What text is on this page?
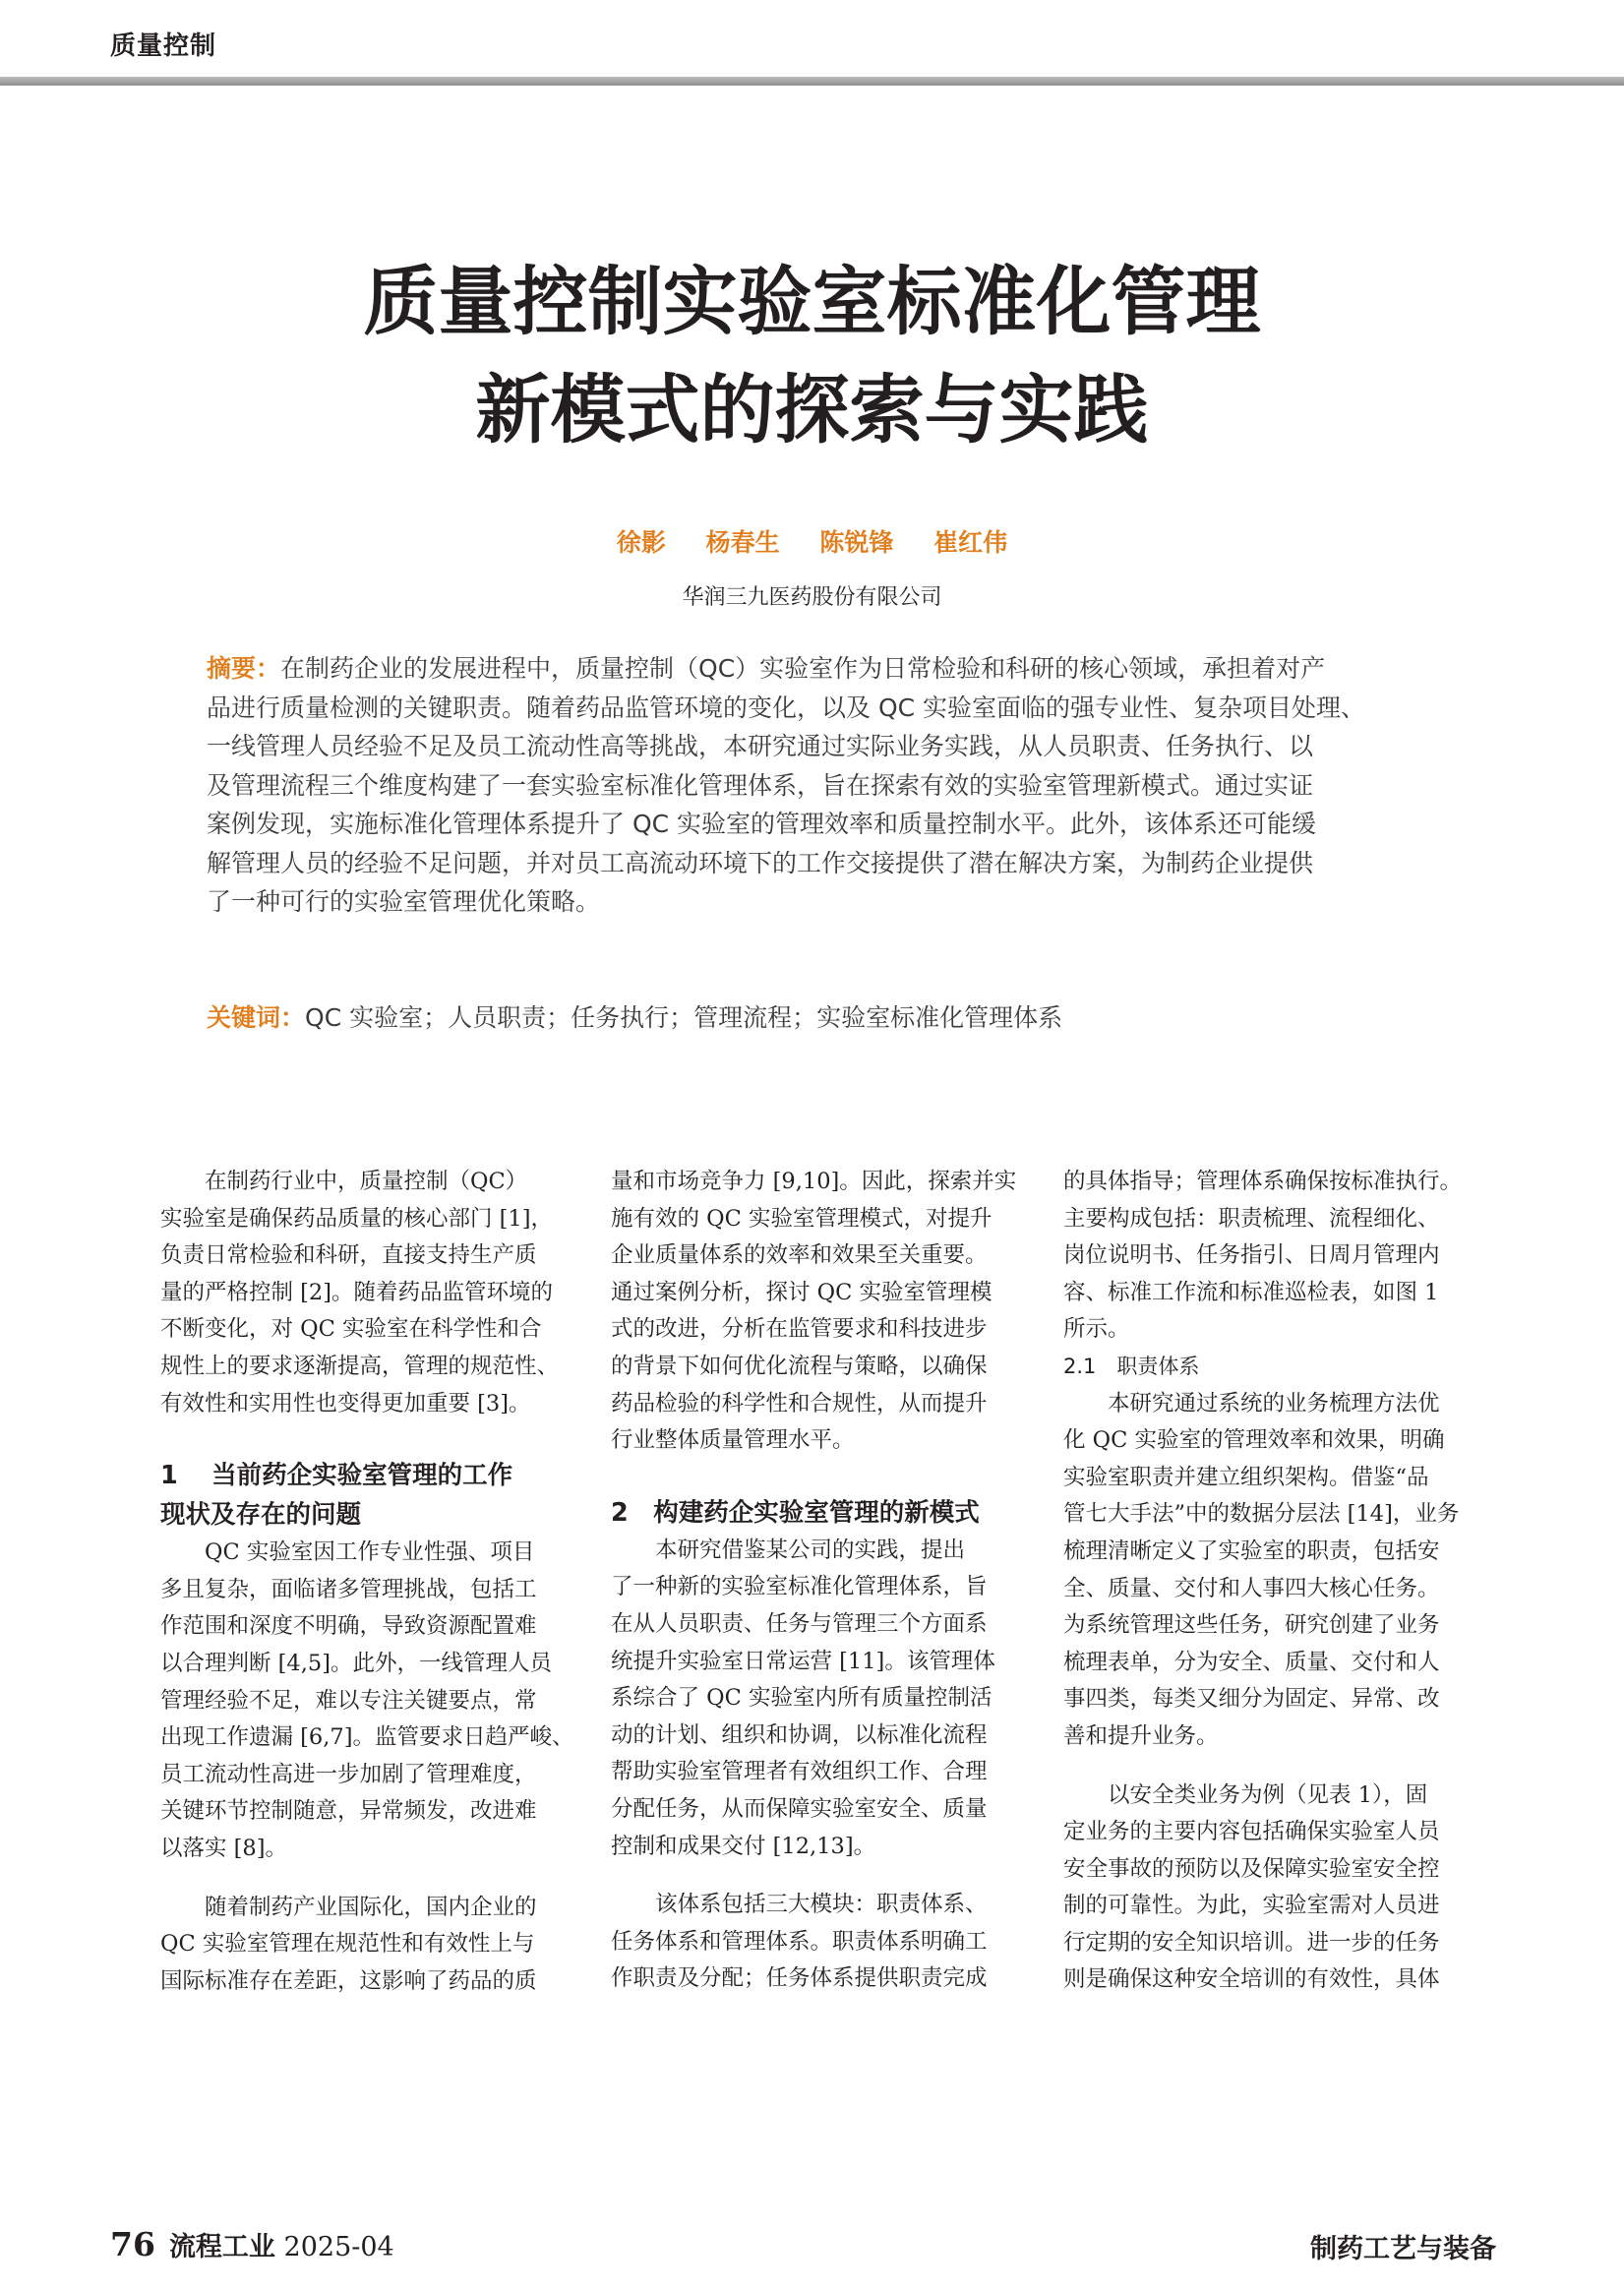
质量控制
质量控制实验室标准化管理
新模式的探索与实践
徐影 杨春生 陈锐锋 崔红伟
华润三九医药股份有限公司
摘要：在制药企业的发展进程中，质量控制（QC）实验室作为日常检验和科研的核心领域，承担着对产
品进行质量检测的关键职责。随着药品监管环境的变化，以及 QC 实验室面临的强专业性、复杂项目处理、
一线管理人员经验不足及员工流动性高等挑战，本研究通过实际业务实践，从人员职责、任务执行、以
及管理流程三个维度构建了一套实验室标准化管理体系，旨在探索有效的实验室管理新模式。通过实证
案例发现，实施标准化管理体系提升了 QC 实验室的管理效率和质量控制水平。此外，该体系还可能缓
解管理人员的经验不足问题，并对员工高流动环境下的工作交接提供了潜在解决方案，为制药企业提供
了一种可行的实验室管理优化策略。
关键词：QC 实验室；人员职责；任务执行；管理流程；实验室标准化管理体系
　　在制药行业中，质量控制（QC）
实验室是确保药品质量的核心部门 [1]，
负责日常检验和科研，直接支持生产质
量的严格控制 [2]。随着药品监管环境的
不断变化，对 QC 实验室在科学性和合
规性上的要求逐渐提高，管理的规范性、
有效性和实用性也变得更加重要 [3]。
1　 当前药企实验室管理的工作
现状及存在的问题
　　QC 实验室因工作专业性强、项目
多且复杂，面临诸多管理挑战，包括工
作范围和深度不明确，导致资源配置难
以合理判断 [4,5]。此外，一线管理人员
管理经验不足，难以专注关键要点，常
出现工作遗漏 [6,7]。监管要求日趋严峻、
员工流动性高进一步加剧了管理难度，
关键环节控制随意，异常频发，改进难
以落实 [8]。
　　随着制药产业国际化，国内企业的
QC 实验室管理在规范性和有效性上与
国际标准存在差距，这影响了药品的质
量和市场竞争力 [9,10]。因此，探索并实
施有效的 QC 实验室管理模式，对提升
企业质量体系的效率和效果至关重要。
通过案例分析，探讨 QC 实验室管理模
式的改进，分析在监管要求和科技进步
的背景下如何优化流程与策略，以确保
药品检验的科学性和合规性，从而提升
行业整体质量管理水平。
2　构建药企实验室管理的新模式
　　本研究借鉴某公司的实践，提出
了一种新的实验室标准化管理体系，旨
在从人员职责、任务与管理三个方面系
统提升实验室日常运营 [11]。该管理体
系综合了 QC 实验室内所有质量控制活
动的计划、组织和协调，以标准化流程
帮助实验室管理者有效组织工作、合理
分配任务，从而保障实验室安全、质量
控制和成果交付 [12,13]。
　　该体系包括三大模块：职责体系、
任务体系和管理体系。职责体系明确工
作职责及分配；任务体系提供职责完成
的具体指导；管理体系确保按标准执行。
主要构成包括：职责梳理、流程细化、
岗位说明书、任务指引、日周月管理内
容、标准工作流和标准巡检表，如图 1
所示。
2.1　职责体系
　　本研究通过系统的业务梳理方法优
化 QC 实验室的管理效率和效果，明确
实验室职责并建立组织架构。借鉴“品
管七大手法”中的数据分层法 [14]，业务
梳理清晰定义了实验室的职责，包括安
全、质量、交付和人事四大核心任务。
为系统管理这些任务，研究创建了业务
梳理表单，分为安全、质量、交付和人
事四类，每类又细分为固定、异常、改
善和提升业务。
　　以安全类业务为例（见表 1），固
定业务的主要内容包括确保实验室人员
安全事故的预防以及保障实验室安全控
制的可靠性。为此，实验室需对人员进
行定期的安全知识培训。进一步的任务
则是确保这种安全培训的有效性，具体
76 流程工业 2025-04	制药工艺与装备
